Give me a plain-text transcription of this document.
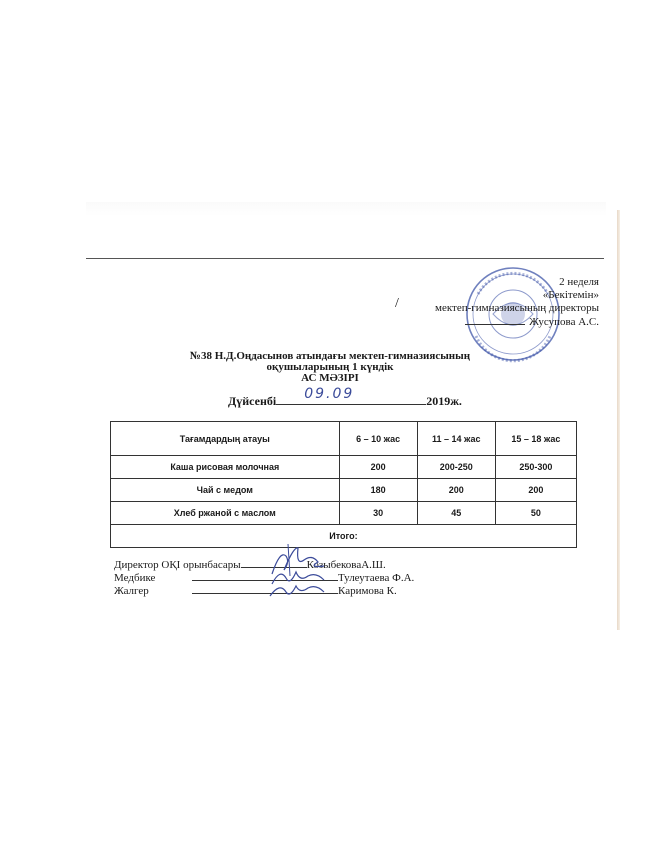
2 неделя
«Бекітемін»
мектеп-гимназиясының директоры
Жусупова А.С.
/
№38 Н.Д.Оңдасынов атындағы мектеп-гимназиясының
оқушыларының 1 күндік
АС МӘЗІРІ
Дүйсенбі 09.09	2019ж.
Тағамдардың атауы	6 – 10 жас	11 – 14 жас	15 – 18 жас
Каша рисовая молочная	200	200-250	250-300
Чай с медом	180	200	200
Хлеб ржаной с маслом	30	45	50
Итого:			
Директор ОҚІ орынбасары	КозыбековаА.Ш.
Медбике	Тулеутаева Ф.А.
Жалгер	Каримова К.
